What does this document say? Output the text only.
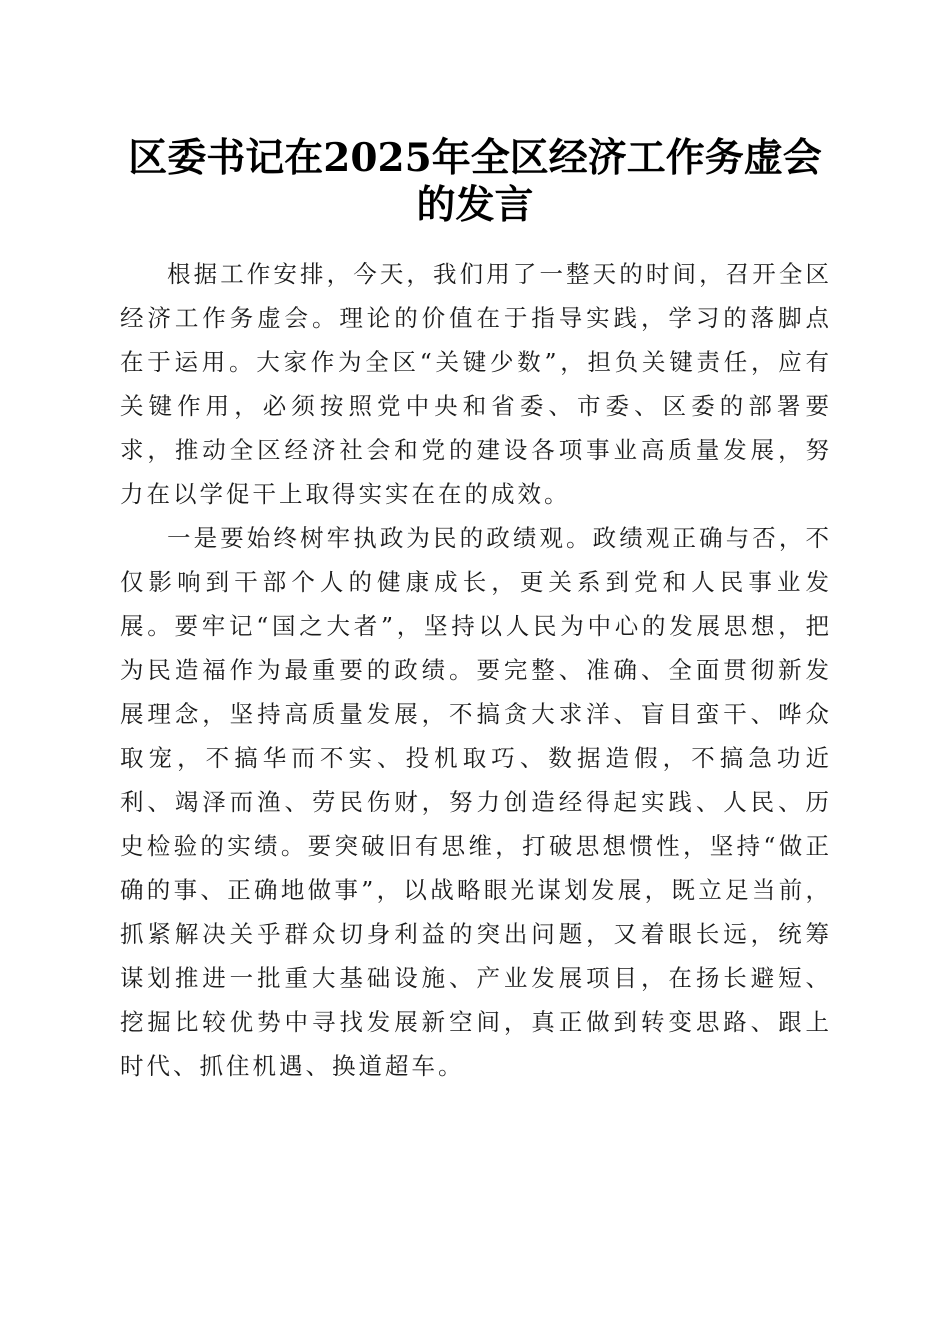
区委书记在2025年全区经济工作务虚会的发言

根据工作安排，今天，我们用了一整天的时间，召开全区经济工作务虚会。理论的价值在于指导实践，学习的落脚点在于运用。大家作为全区“关键少数”，担负关键责任，应有关键作用，必须按照党中央和省委、市委、区委的部署要求，推动全区经济社会和党的建设各项事业高质量发展，努力在以学促干上取得实实在在的成效。

一是要始终树牢执政为民的政绩观。政绩观正确与否，不仅影响到干部个人的健康成长，更关系到党和人民事业发展。要牢记“国之大者”，坚持以人民为中心的发展思想，把为民造福作为最重要的政绩。要完整、准确、全面贯彻新发展理念，坚持高质量发展，不搞贪大求洋、盲目蛮干、哗众取宠，不搞华而不实、投机取巧、数据造假，不搞急功近利、竭泽而渔、劳民伤财，努力创造经得起实践、人民、历史检验的实绩。要突破旧有思维，打破思想惯性，坚持“做正确的事、正确地做事”，以战略眼光谋划发展，既立足当前，抓紧解决关乎群众切身利益的突出问题，又着眼长远，统筹谋划推进一批重大基础设施、产业发展项目，在扬长避短、挖掘比较优势中寻找发展新空间，真正做到转变思路、跟上时代、抓住机遇、换道超车。
